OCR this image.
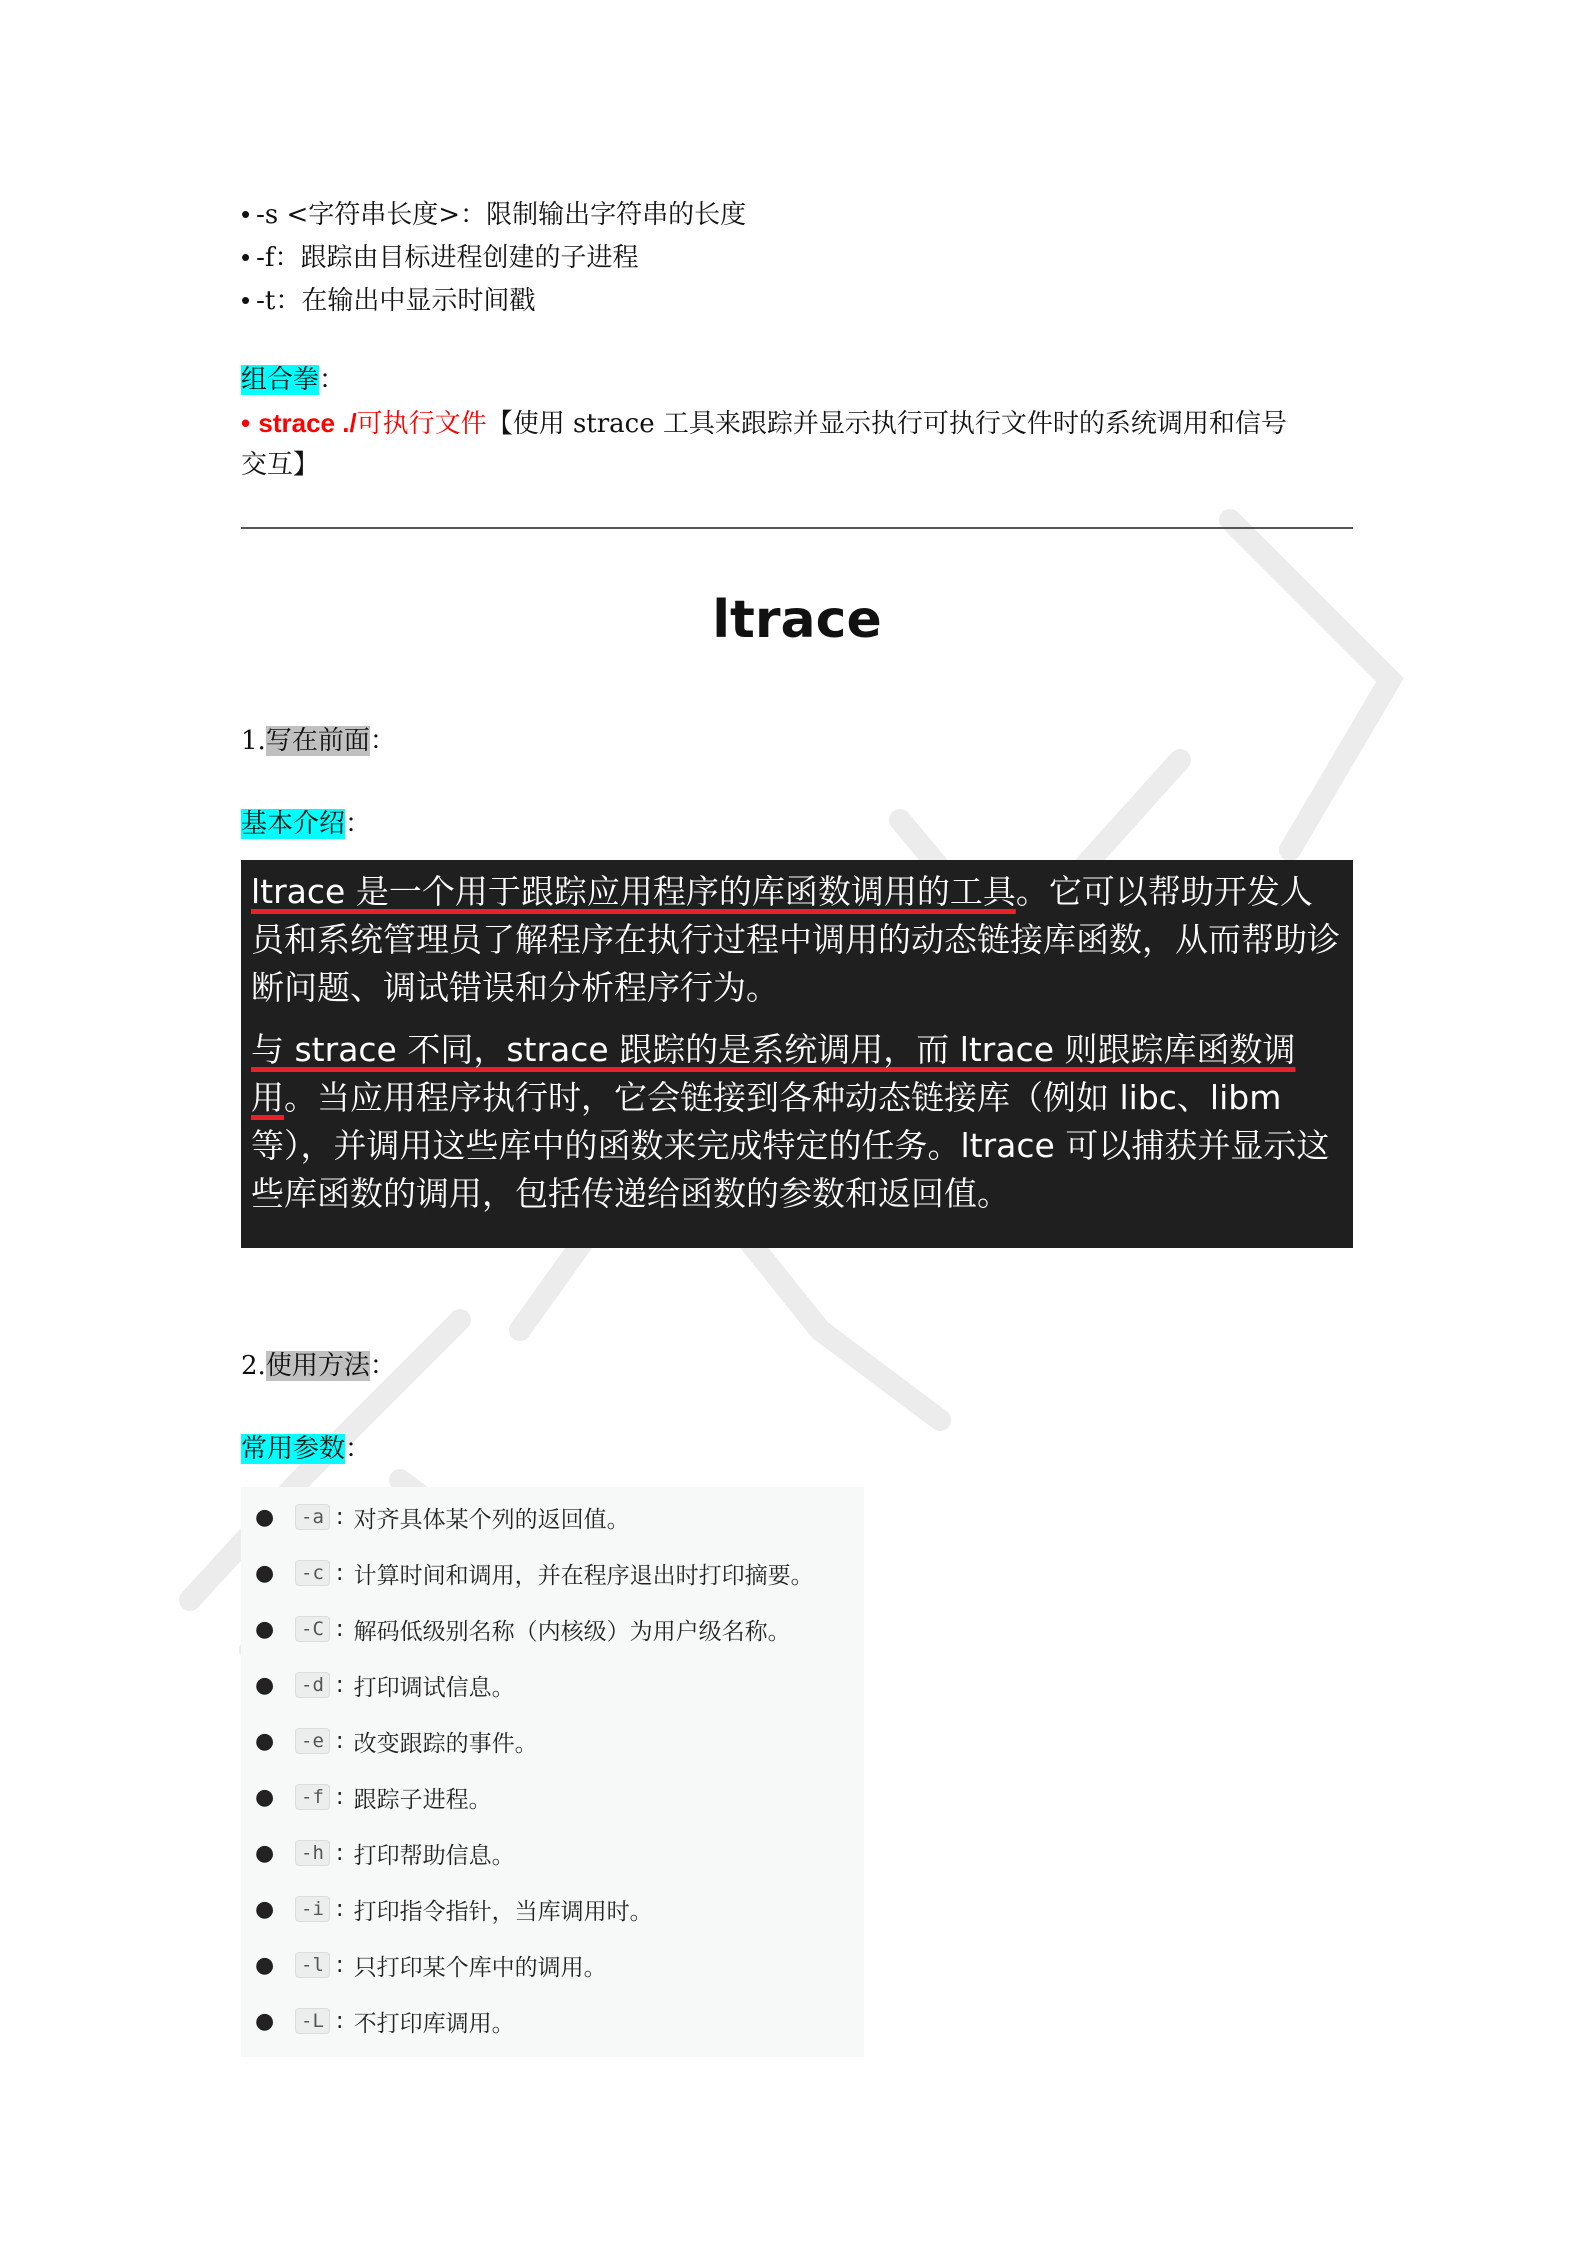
• -s <字符串长度>：限制输出字符串的长度
• -f：跟踪由目标进程创建的子进程
• -t：在输出中显示时间戳
组合拳：
• strace ./可执行文件【使用 strace 工具来跟踪并显示执行可执行文件时的系统调用和信号
交互】
ltrace
1.写在前面：
基本介绍：

ltrace 是一个用于跟踪应用程序的库函数调用的工具。它可以帮助开发人员和系统管理员了解程序在执行过程中调用的动态链接库函数，从而帮助诊断问题、调试错误和分析程序行为。

与 strace 不同，strace 跟踪的是系统调用，而 ltrace 则跟踪库函数调用。当应用程序执行时，它会链接到各种动态链接库（例如 libc、libm 等），并调用这些库中的函数来完成特定的任务。ltrace 可以捕获并显示这些库函数的调用，包括传递给函数的参数和返回值。

2.使用方法：
常用参数：
●	-a : 对齐具体某个列的返回值。
●	-c : 计算时间和调用，并在程序退出时打印摘要。
●	-C : 解码低级别名称（内核级）为用户级名称。
●	-d : 打印调试信息。
●	-e : 改变跟踪的事件。
●	-f : 跟踪子进程。
●	-h : 打印帮助信息。
●	-i : 打印指令指针，当库调用时。
●	-l : 只打印某个库中的调用。
●	-L : 不打印库调用。
